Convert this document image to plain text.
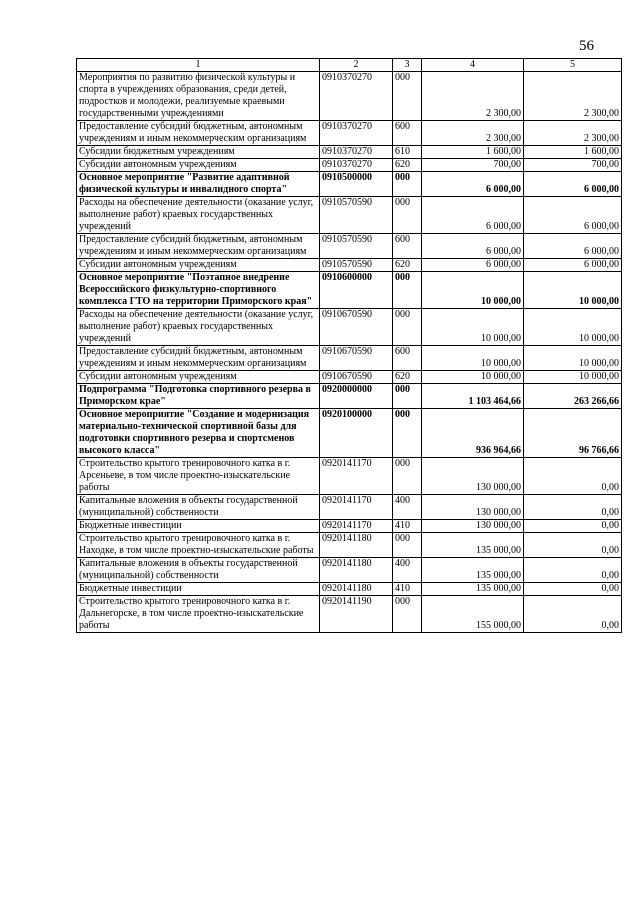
56
1	2	3	4	5
Мероприятия по развитию физической культуры и спорта в учреждениях образования, среди детей, подростков и молодежи, реализуемые краевыми государственными учреждениями	0910370270	000	2 300,00	2 300,00
Предоставление субсидий бюджетным, автономным учреждениям и иным некоммерческим организациям	0910370270	600	2 300,00	2 300,00
Субсидии бюджетным учреждениям	0910370270	610	1 600,00	1 600,00
Субсидии автономным учреждениям	0910370270	620	700,00	700,00
Основное мероприятие "Развитие адаптивной физической культуры и инвалидного спорта"	0910500000	000	6 000,00	6 000,00
Расходы на обеспечение деятельности (оказание услуг, выполнение работ) краевых государственных учреждений	0910570590	000	6 000,00	6 000,00
Предоставление субсидий бюджетным, автономным учреждениям и иным некоммерческим организациям	0910570590	600	6 000,00	6 000,00
Субсидии автономным учреждениям	0910570590	620	6 000,00	6 000,00
Основное мероприятие "Поэтапное внедрение Всероссийского физкультурно-спортивного комплекса ГТО на территории Приморского края"	0910600000	000	10 000,00	10 000,00
Расходы на обеспечение деятельности (оказание услуг, выполнение работ) краевых государственных учреждений	0910670590	000	10 000,00	10 000,00
Предоставление субсидий бюджетным, автономным учреждениям и иным некоммерческим организациям	0910670590	600	10 000,00	10 000,00
Субсидии автономным учреждениям	0910670590	620	10 000,00	10 000,00
Подпрограмма "Подготовка спортивного резерва в Приморском крае"	0920000000	000	1 103 464,66	263 266,66
Основное мероприятие "Создание и модернизация материально-технической спортивной базы для подготовки спортивного резерва и спортсменов высокого класса"	0920100000	000	936 964,66	96 766,66
Строительство крытого тренировочного катка в г. Арсеньеве, в том числе проектно-изыскательские работы	0920141170	000	130 000,00	0,00
Капитальные вложения в объекты государственной (муниципальной) собственности	0920141170	400	130 000,00	0,00
Бюджетные инвестиции	0920141170	410	130 000,00	0,00
Строительство крытого тренировочного катка в г. Находке, в том числе проектно-изыскательские работы	0920141180	000	135 000,00	0,00
Капитальные вложения в объекты государственной (муниципальной) собственности	0920141180	400	135 000,00	0,00
Бюджетные инвестиции	0920141180	410	135 000,00	0,00
Строительство крытого тренировочного катка в г. Дальнегорске, в том числе проектно-изыскательские работы	0920141190	000	155 000,00	0,00
